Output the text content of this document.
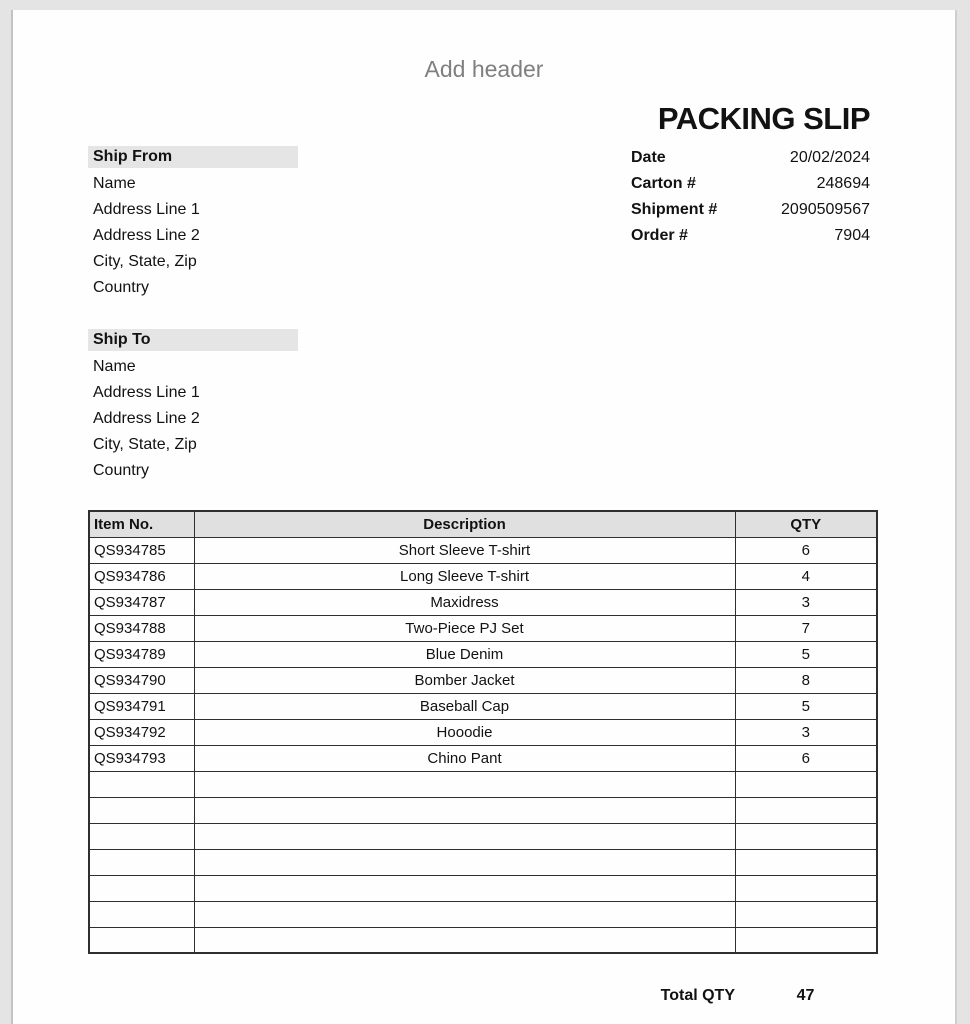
Add header
PACKING SLIP
Ship From
Name
Address Line 1
Address Line 2
City, State, Zip
Country
Ship To
Name
Address Line 1
Address Line 2
City, State, Zip
Country
Date	20/02/2024
Carton #	248694
Shipment #	2090509567
Order #	7904
Item No.	Description	QTY
QS934785	Short Sleeve T-shirt	6
QS934786	Long Sleeve T-shirt	4
QS934787	Maxidress	3
QS934788	Two-Piece PJ Set	7
QS934789	Blue Denim	5
QS934790	Bomber Jacket	8
QS934791	Baseball Cap	5
QS934792	Hooodie	3
QS934793	Chino Pant	6

Total QTY	47
